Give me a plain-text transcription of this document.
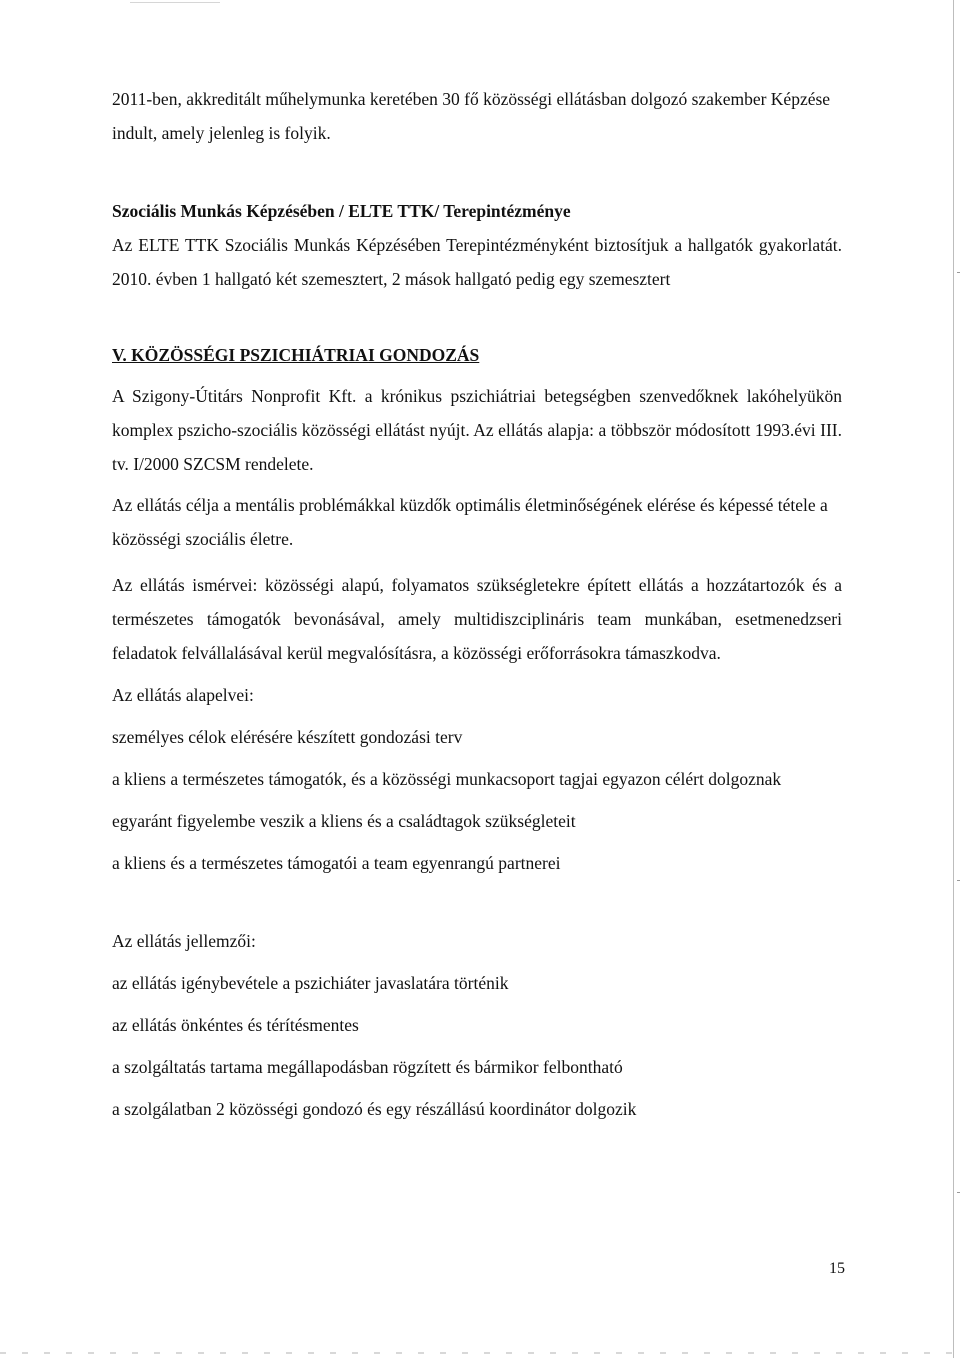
2011-ben, akkreditált műhelymunka keretében 30 fő közösségi ellátásban dolgozó szakember Képzése indult, amely jelenleg is folyik.

Szociális Munkás Képzésében / ELTE TTK/ Terepintézménye

Az ELTE TTK Szociális Munkás Képzésében Terepintézményként biztosítjuk a hallgatók gyakorlatát. 2010. évben 1 hallgató két szemesztert, 2 mások hallgató pedig egy szemesztert

V. KÖZÖSSÉGI PSZICHIÁTRIAI GONDOZÁS

A Szigony-Útitárs Nonprofit Kft. a krónikus pszichiátriai betegségben szenvedőknek lakóhelyükön komplex pszicho-szociális közösségi ellátást nyújt. Az ellátás alapja: a többször módosított 1993.évi III. tv. I/2000 SZCSM rendelete.

Az ellátás célja a mentális problémákkal küzdők optimális életminőségének elérése és képessé tétele a közösségi szociális életre.

Az ellátás ismérvei: közösségi alapú, folyamatos szükségletekre épített ellátás a hozzátartozók és a természetes támogatók bevonásával, amely multidiszciplináris team munkában, esetmenedzseri feladatok felvállalásával kerül megvalósításra, a közösségi erőforrásokra támaszkodva.

Az ellátás alapelvei:

személyes célok elérésére készített gondozási terv

a kliens a természetes támogatók, és a közösségi munkacsoport tagjai egyazon célért dolgoznak

egyaránt figyelembe veszik a kliens és a családtagok szükségleteit

a kliens és a természetes támogatói a team egyenrangú partnerei

Az ellátás jellemzői:

az ellátás igénybevétele a pszichiáter javaslatára történik

az ellátás önkéntes és térítésmentes

a szolgáltatás tartama megállapodásban rögzített és bármikor felbontható

a szolgálatban 2 közösségi gondozó és egy részállású koordinátor dolgozik

15
